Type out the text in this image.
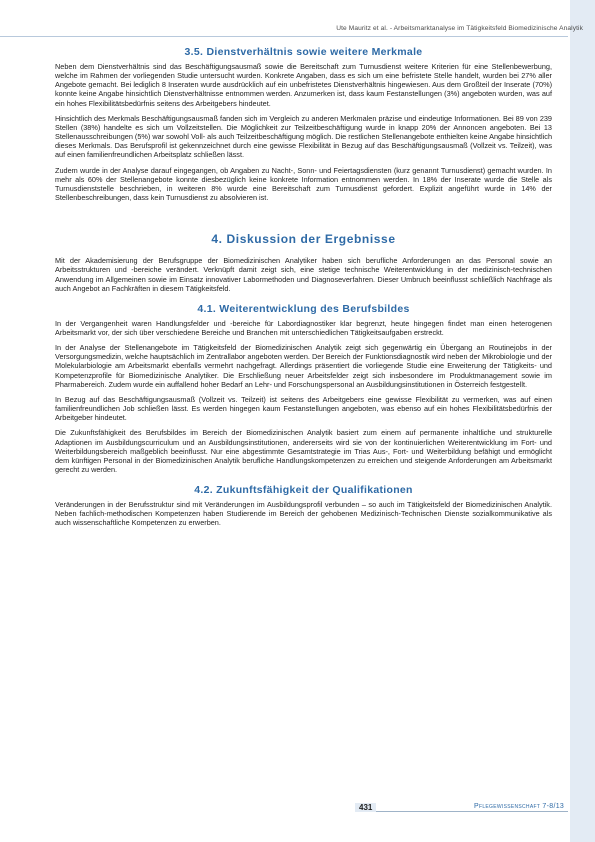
Ute Mauritz et al. - Arbeitsmarktanalyse im Tätigkeitsfeld Biomedizinische Analytik
3.5. Dienstverhältnis sowie weitere Merkmale

Neben dem Dienstverhältnis sind das Beschäftigungsausmaß sowie die Bereitschaft zum Turnusdienst weitere Kriterien für eine Stellenbewerbung, welche im Rahmen der vorliegenden Studie untersucht wurden. Konkrete Angaben, dass es sich um eine befristete Stelle handelt, wurden bei 27% aller Angebote gemacht. Bei lediglich 8 Inseraten wurde ausdrücklich auf ein unbefristetes Dienstverhältnis hingewiesen. Aus dem Großteil der Inserate (70%) konnte keine Angabe hinsichtlich Dienstverhältnisse entnommen werden. Anzumerken ist, dass kaum Festanstellungen (3%) angeboten wurden, was auf ein hohes Flexibilitätsbedürfnis seitens des Arbeitgebers hindeutet.

Hinsichtlich des Merkmals Beschäftigungsausmaß fanden sich im Vergleich zu anderen Merkmalen präzise und eindeutige Informationen. Bei 89 von 239 Stellen (38%) handelte es sich um Vollzeitstellen. Die Möglichkeit zur Teilzeitbeschäftigung wurde in knapp 20% der Annoncen angeboten. Bei 13 Stellenausschreibungen (5%) war sowohl Voll- als auch Teilzeitbeschäftigung möglich. Die restlichen Stellenangebote enthielten keine Angabe hinsichtlich dieses Merkmals. Das Berufsprofil ist gekennzeichnet durch eine gewisse Flexibilität in Bezug auf das Beschäftigungsausmaß (Vollzeit vs. Teilzeit), was auf einen familienfreundlichen Arbeitsplatz schließen lässt.

Zudem wurde in der Analyse darauf eingegangen, ob Angaben zu Nacht-, Sonn- und Feiertagsdiensten (kurz genannt Turnusdienst) gemacht wurden. In mehr als 60% der Stellenangebote konnte diesbezüglich keine konkrete Information entnommen werden. In 18% der Inserate wurde die Stelle als Turnusdienststelle beschrieben, in weiteren 8% wurde eine Bereitschaft zum Turnusdienst gefordert. Explizit angeführt wurde in 14% der Stellenbeschreibungen, dass kein Turnusdienst zu absolvieren ist.

4. Diskussion der Ergebnisse

Mit der Akademisierung der Berufsgruppe der Biomedizinischen Analytiker haben sich berufliche Anforderungen an das Personal sowie an Arbeitsstrukturen und -bereiche verändert. Verknüpft damit zeigt sich, eine stetige technische Weiterentwicklung in der medizinisch-technischen Anwendung im Allgemeinen sowie im Einsatz innovativer Labormethoden und Diagnoseverfahren. Dieser Umbruch beeinflusst schließlich Nachfrage als auch Angebot an Fachkräften in diesem Tätigkeitsfeld.

4.1. Weiterentwicklung des Berufsbildes

In der Vergangenheit waren Handlungsfelder und -bereiche für Labordiagnostiker klar begrenzt, heute hingegen findet man einen heterogenen Arbeitsmarkt vor, der sich über verschiedene Bereiche und Branchen mit unterschiedlichen Tätigkeitsaufgaben erstreckt.

In der Analyse der Stellenangebote im Tätigkeitsfeld der Biomedizinischen Analytik zeigt sich gegenwärtig ein Übergang an Routinejobs in der Versorgungsmedizin, welche hauptsächlich im Zentrallabor angeboten werden. Der Bereich der Funktionsdiagnostik wird neben der Mikrobiologie und der Molekularbiologie am Arbeitsmarkt ebenfalls vermehrt nachgefragt. Allerdings präsentiert die vorliegende Studie eine Erweiterung der Tätigkeits- und Kompetenzprofile für Biomedizinische Analytiker. Die Erschließung neuer Arbeitsfelder zeigt sich insbesondere im Produktmanagement sowie im Pharmabereich. Zudem wurde ein auffallend hoher Bedarf an Lehr- und Forschungspersonal an Ausbildungsinstitutionen in Österreich festgestellt.

In Bezug auf das Beschäftigungsausmaß (Vollzeit vs. Teilzeit) ist seitens des Arbeitgebers eine gewisse Flexibilität zu vermerken, was auf einen familienfreundlichen Job schließen lässt. Es werden hingegen kaum Festanstellungen angeboten, was ebenso auf ein hohes Flexibilitätsbedürfnis der Arbeitgeber hindeutet.

Die Zukunftsfähigkeit des Berufsbildes im Bereich der Biomedizinischen Analytik basiert zum einem auf permanente inhaltliche und strukturelle Adaptionen im Ausbildungscurriculum und an Ausbildungsinstitutionen, andererseits wird sie von der kontinuierlichen Weiterentwicklung im Fort- und Weiterbildungsbereich maßgeblich beeinflusst. Nur eine abgestimmte Gesamtstrategie im Trias Aus-, Fort- und Weiterbildung befähigt und ermöglicht dem künftigen Personal in der Biomedizinischen Analytik berufliche Handlungskompetenzen zu erreichen und steigende Anforderungen am Arbeitsmarkt gerecht zu werden.

4.2. Zukunftsfähigkeit der Qualifikationen

Veränderungen in der Berufsstruktur sind mit Veränderungen im Ausbildungsprofil verbunden – so auch im Tätigkeitsfeld der Biomedizinischen Analytik. Neben fachlich-methodischen Kompetenzen haben Studierende im Bereich der gehobenen Medizinisch-Technischen Dienste sozialkommunikative als auch wissenschaftliche Kompetenzen zu erwerben.

431	Pflegewissenschaft 7-8/13
